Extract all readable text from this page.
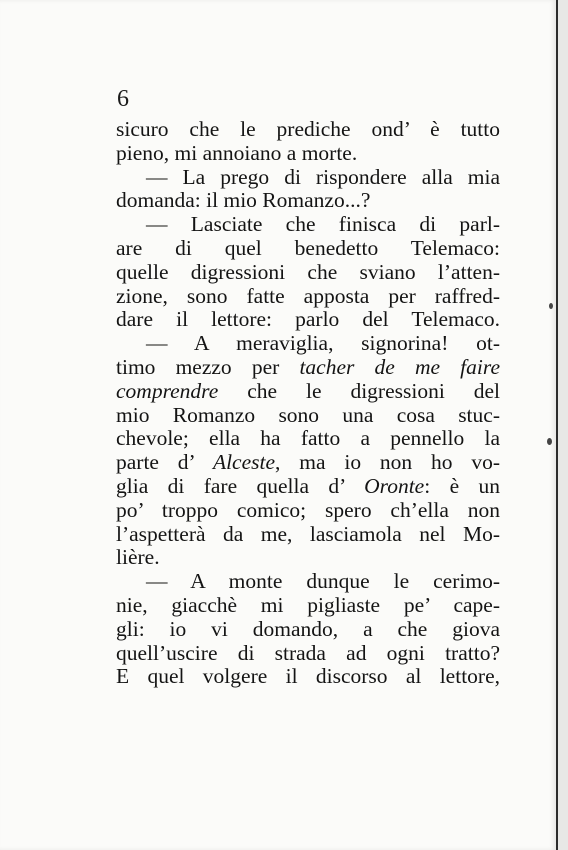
6
sicuro che le prediche ond’ è tutto
pieno, mi annoiano a morte.
— La prego di rispondere alla mia
domanda: il mio Romanzo...?
— Lasciate che finisca di parl-
are di quel benedetto Telemaco:
quelle digressioni che sviano l’atten-
zione, sono fatte apposta per raffred-
dare il lettore: parlo del Telemaco.
— A meraviglia, signorina! ot-
timo mezzo per tacher de me faire
comprendre che le digressioni del
mio Romanzo sono una cosa stuc-
chevole; ella ha fatto a pennello la
parte d’ Alceste, ma io non ho vo-
glia di fare quella d’ Oronte: è un
po’ troppo comico; spero ch’ella non
l’aspetterà da me, lasciamola nel Mo-
lière.
— A monte dunque le cerimo-
nie, giacchè mi pigliaste pe’ cape-
gli: io vi domando, a che giova
quell’uscire di strada ad ogni tratto?
E quel volgere il discorso al lettore,
